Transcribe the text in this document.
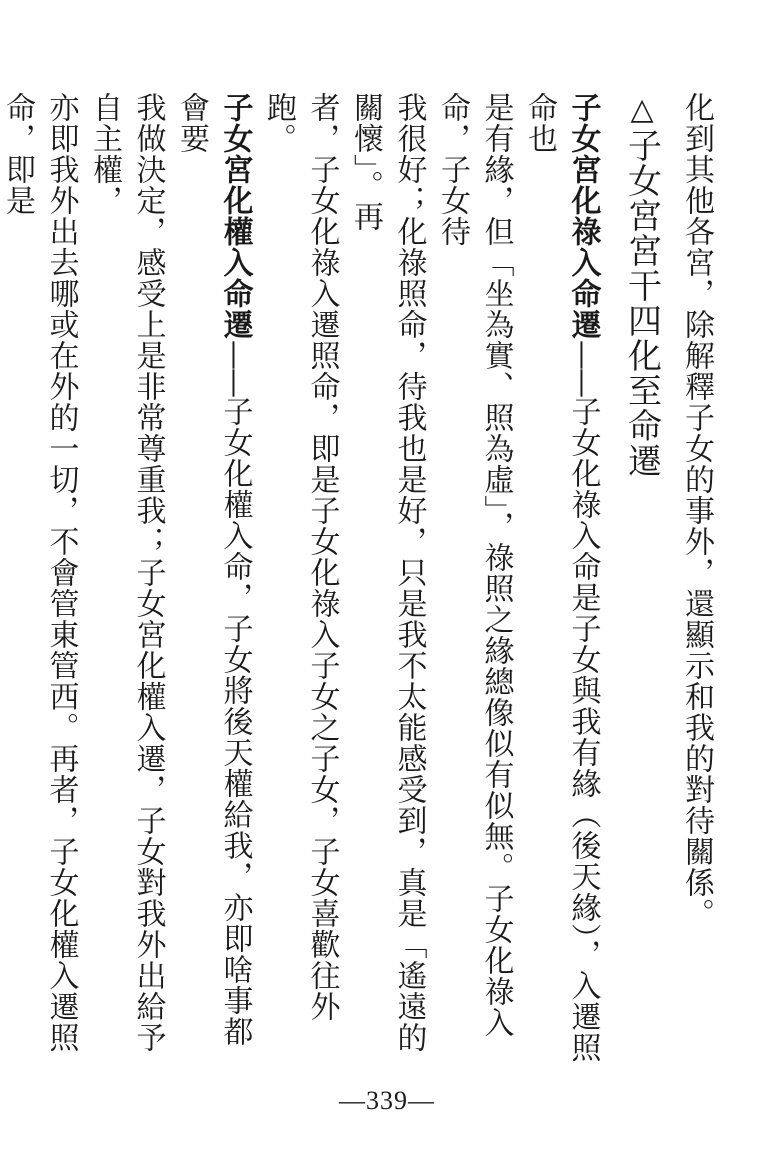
化到其他各宮，除解釋子女的事外，還顯示和我的對待關係。
△子女宮宮干四化至命遷
子女宮化祿入命遷——子女化祿入命是子女與我有緣（後天緣），入遷照命也
是有緣，但「坐為實、照為虛」，祿照之緣總像似有似無。子女化祿入命，子女待
我很好；化祿照命，待我也是好，只是我不太能感受到，真是「遙遠的關懷」。再
者，子女化祿入遷照命，即是子女化祿入子女之子女，子女喜歡往外跑。
子女宮化權入命遷——子女化權入命，子女將後天權給我，亦即啥事都會要
我做決定，感受上是非常尊重我；子女宮化權入遷，子女對我外出給予自主權，
亦即我外出去哪或在外的一切，不會管東管西。再者，子女化權入遷照命，即是
—339—
